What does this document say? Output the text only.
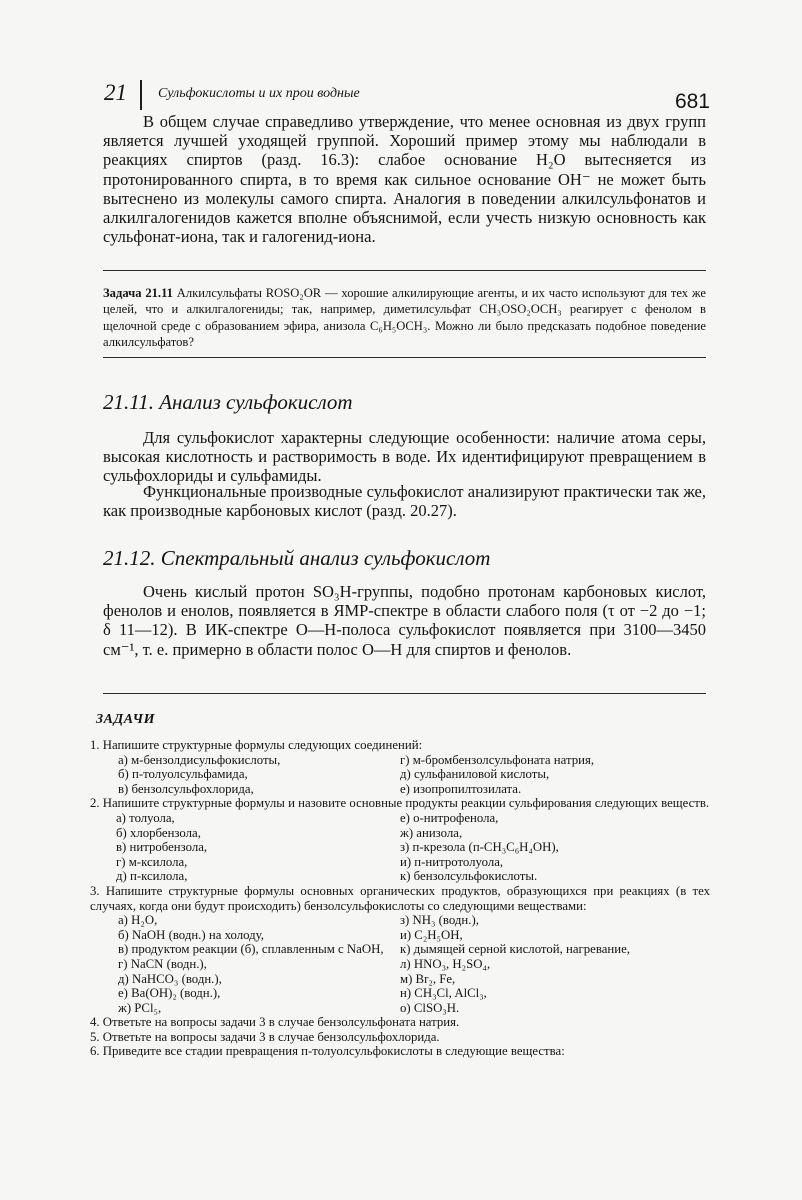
21 Сульфокислоты и их прои водные	681

В общем случае справедливо утверждение, что менее основная из двух групп является лучшей уходящей группой. Хороший пример этому мы наблюдали в реакциях спиртов (разд. 16.3): слабое основание H₂O вытесняется из протонированного спирта, в то время как сильное основание OH⁻ не может быть вытеснено из молекулы самого спирта. Аналогия в поведении алкилсульфонатов и алкилгалогенидов кажется вполне объяснимой, если учесть низкую основность как сульфонат-иона, так и галогенид-иона.

Задача 21.11 Алкилсульфаты ROSO₂OR — хорошие алкилирующие агенты, и их часто используют для тех же целей, что и алкилгалогениды; так, например, диметилсульфат CH₃OSO₂OCH₃ реагирует с фенолом в щелочной среде с образованием эфира, анизола C₆H₅OCH₃. Можно ли было предсказать подобное поведение алкилсульфатов?

21.11. Анализ сульфокислот

Для сульфокислот характерны следующие особенности: наличие атома серы, высокая кислотность и растворимость в воде. Их идентифицируют превращением в сульфохлориды и сульфамиды.

Функциональные производные сульфокислот анализируют практически так же, как производные карбоновых кислот (разд. 20.27).

21.12. Спектральный анализ сульфокислот

Очень кислый протон SO₃H-группы, подобно протонам карбоновых кислот, фенолов и енолов, появляется в ЯМР-спектре в области слабого поля (τ от −2 до −1; δ 11—12). В ИК-спектре O—H-полоса сульфокислот появляется при 3100—3450 см⁻¹, т. е. примерно в области полос O—H для спиртов и фенолов.

ЗАДАЧИ
1. Напишите структурные формулы следующих соединений:
а) м-бензолдисульфокислоты,
б) п-толуолсульфамида,
в) бензолсульфохлорида,
г) м-бромбензолсульфоната натрия,
д) сульфаниловой кислоты,
е) изопропилтозилата.
2. Напишите структурные формулы и назовите основные продукты реакции сульфирования следующих веществ.
а) толуола,
б) хлорбензола,
в) нитробензола,
г) м-ксилола,
д) п-ксилола,
е) о-нитрофенола,
ж) анизола,
з) п-крезола (п-CH₃C₆H₄OH),
и) п-нитротолуола,
к) бензолсульфокислоты.
3. Напишите структурные формулы основных органических продуктов, образующихся при реакциях (в тех случаях, когда они будут происходить) бензолсульфокислоты со следующими веществами:
а) H₂O,
б) NaOH (водн.) на холоду,
в) продуктом реакции (б), сплавленным с NaOH,
г) NaCN (водн.),
д) NaHCO₃ (водн.),
е) Ba(OH)₂ (водн.),
ж) PCl₅,
з) NH₃ (водн.),
и) C₂H₅OH,
к) дымящей серной кислотой, нагревание,
л) HNO₃, H₂SO₄,
м) Br₂, Fe,
н) CH₃Cl, AlCl₃,
о) ClSO₃H.
4. Ответьте на вопросы задачи 3 в случае бензолсульфоната натрия.
5. Ответьте на вопросы задачи 3 в случае бензолсульфохлорида.
6. Приведите все стадии превращения п-толуолсульфокислоты в следующие вещества:
